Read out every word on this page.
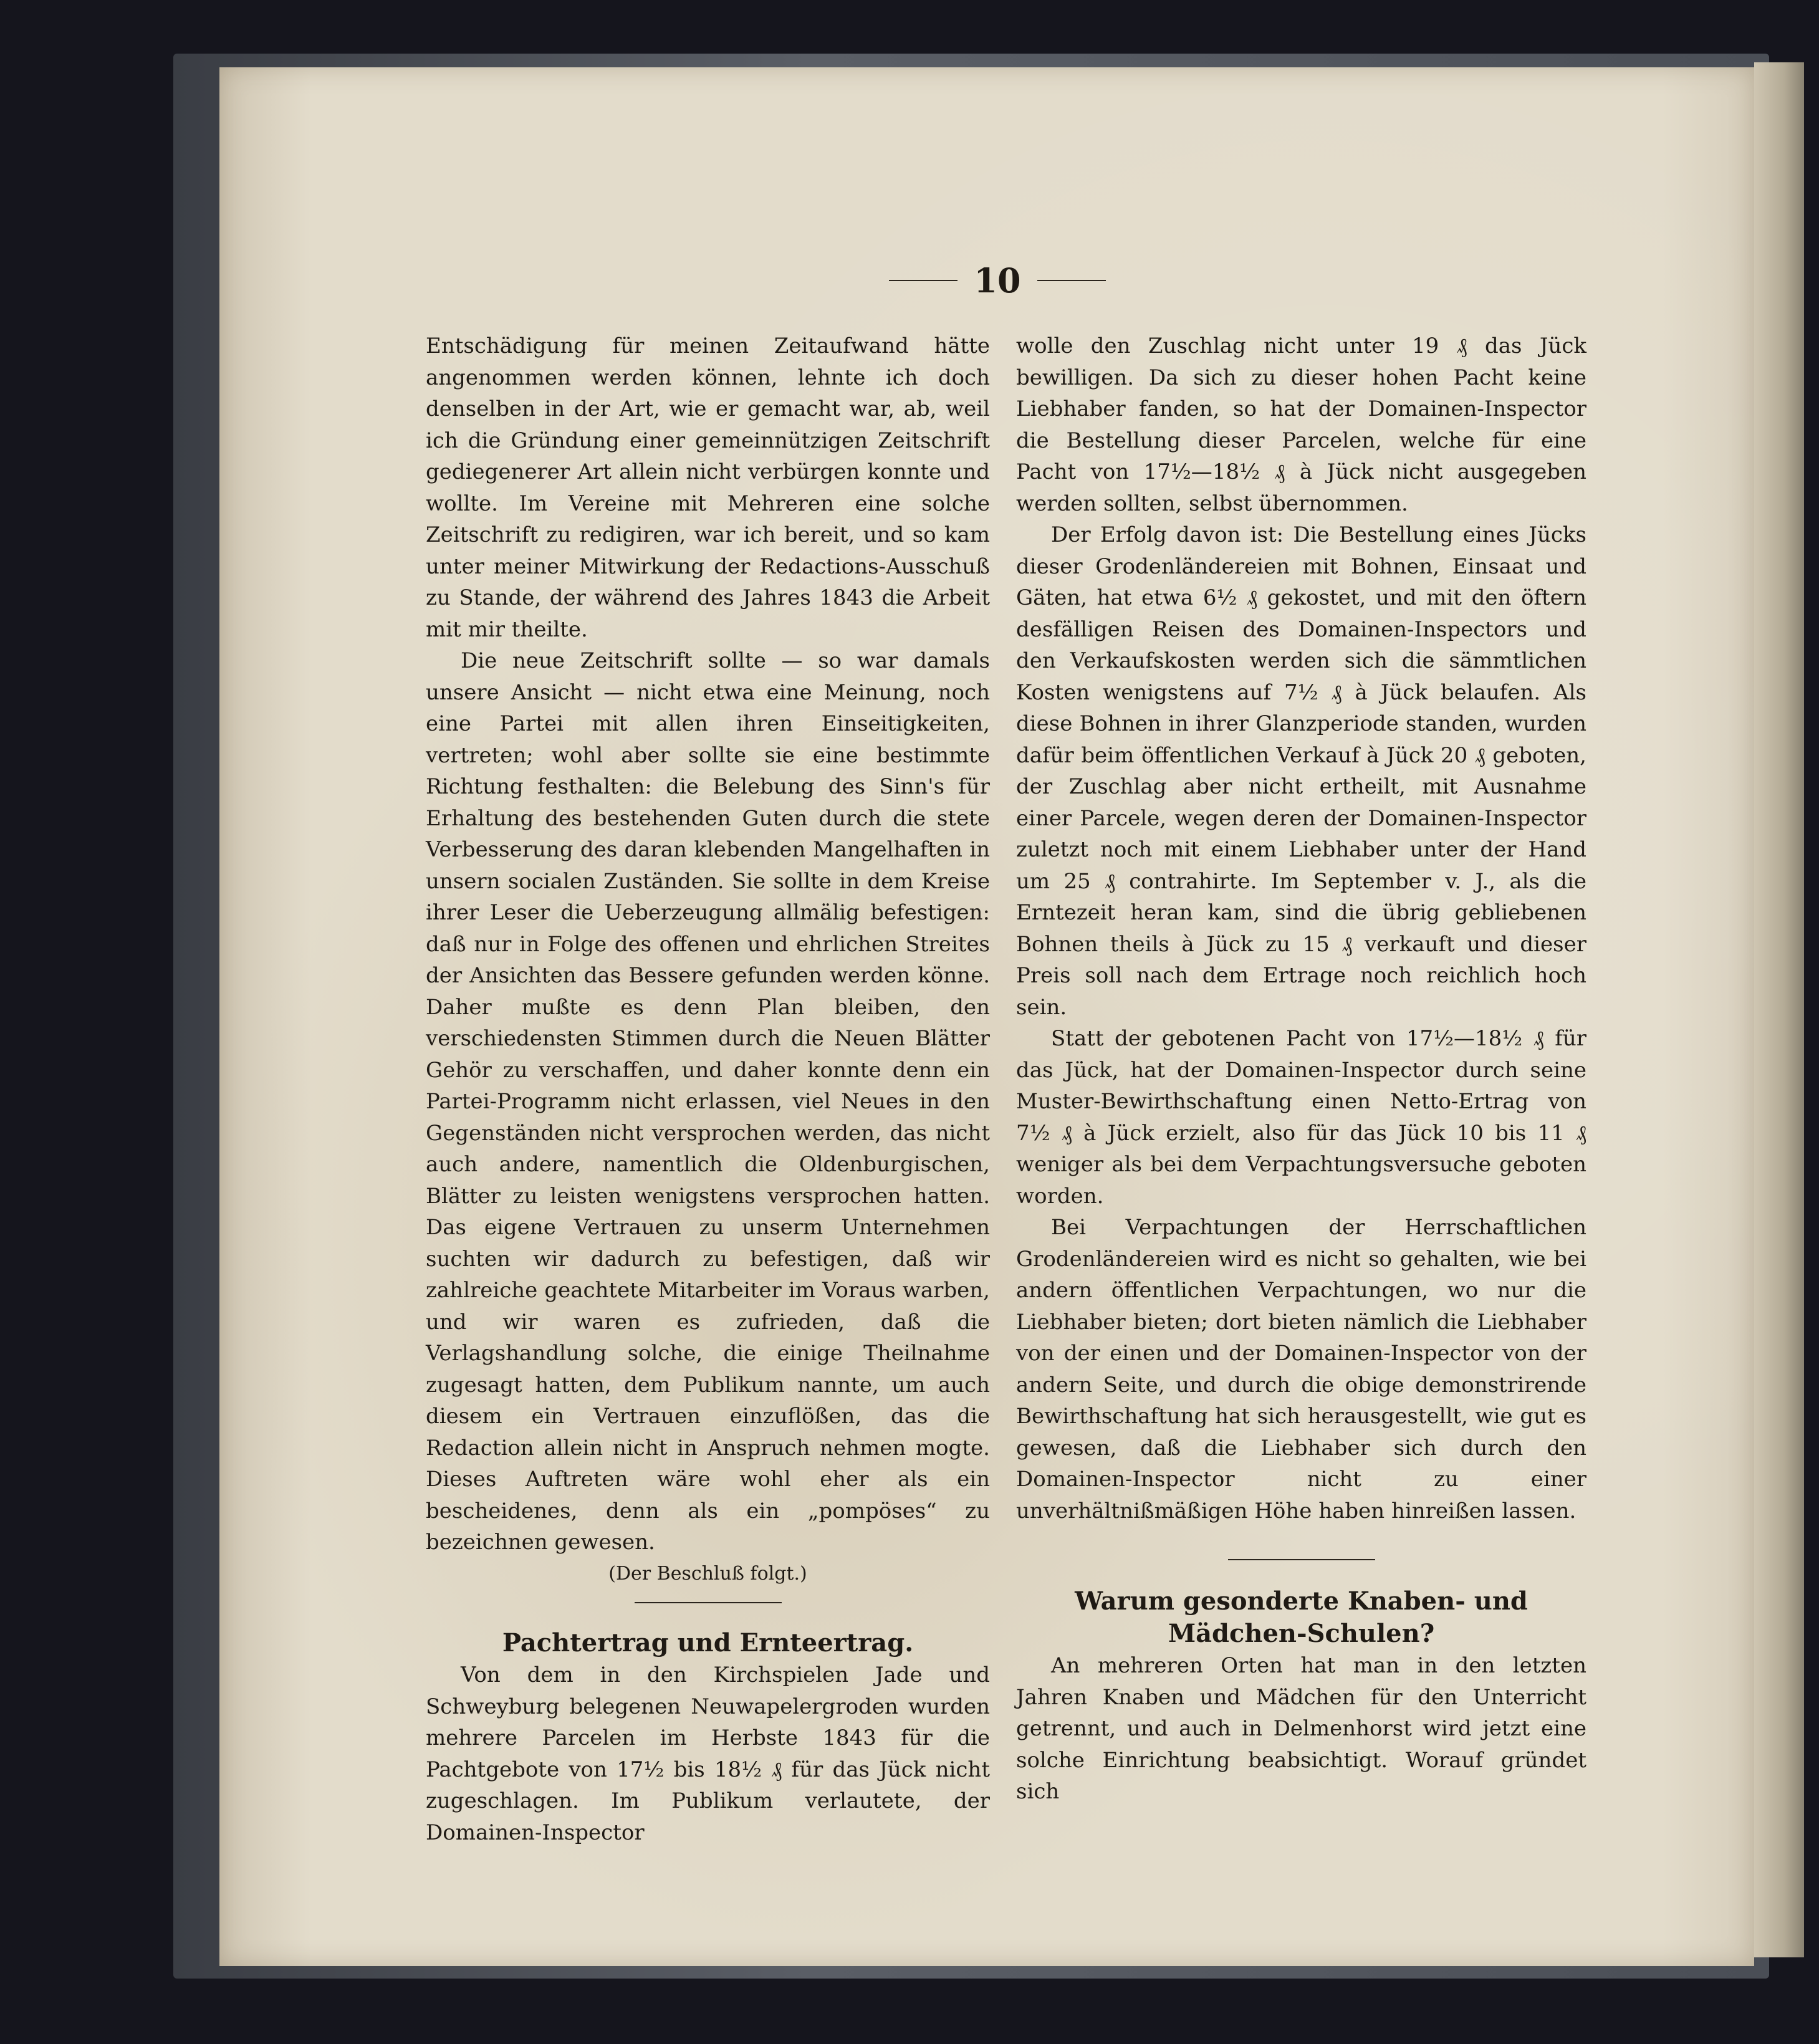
10

Entschädigung für meinen Zeitaufwand hätte angenommen werden können, lehnte ich doch denselben in der Art, wie er gemacht war, ab, weil ich die Gründung einer gemeinnützigen Zeitschrift gediegenerer Art allein nicht verbürgen konnte und wollte. Im Vereine mit Mehreren eine solche Zeitschrift zu redigiren, war ich bereit, und so kam unter meiner Mitwirkung der Redactions-Ausschuß zu Stande, der während des Jahres 1843 die Arbeit mit mir theilte.

Die neue Zeitschrift sollte — so war damals unsere Ansicht — nicht etwa eine Meinung, noch eine Partei mit allen ihren Einseitigkeiten, vertreten; wohl aber sollte sie eine bestimmte Richtung festhalten: die Belebung des Sinn's für Erhaltung des bestehenden Guten durch die stete Verbesserung des daran klebenden Mangelhaften in unsern socialen Zuständen. Sie sollte in dem Kreise ihrer Leser die Ueberzeugung allmälig befestigen: daß nur in Folge des offenen und ehrlichen Streites der Ansichten das Bessere gefunden werden könne. Daher mußte es denn Plan bleiben, den verschiedensten Stimmen durch die Neuen Blätter Gehör zu verschaffen, und daher konnte denn ein Partei-Programm nicht erlassen, viel Neues in den Gegenständen nicht versprochen werden, das nicht auch andere, namentlich die Oldenburgischen, Blätter zu leisten wenigstens versprochen hatten. Das eigene Vertrauen zu unserm Unternehmen suchten wir dadurch zu befestigen, daß wir zahlreiche geachtete Mitarbeiter im Voraus warben, und wir waren es zufrieden, daß die Verlagshandlung solche, die einige Theilnahme zugesagt hatten, dem Publikum nannte, um auch diesem ein Vertrauen einzuflößen, das die Redaction allein nicht in Anspruch nehmen mogte. Dieses Auftreten wäre wohl eher als ein bescheidenes, denn als ein „pompöses“ zu bezeichnen gewesen.

(Der Beschluß folgt.)

Pachtertrag und Ernteertrag.

Von dem in den Kirchspielen Jade und Schweyburg belegenen Neuwapelergroden wurden mehrere Parcelen im Herbste 1843 für die Pachtgebote von 17½ bis 18½ ₰ für das Jück nicht zugeschlagen. Im Publikum verlautete, der Domainen-Inspector

wolle den Zuschlag nicht unter 19 ₰ das Jück bewilligen. Da sich zu dieser hohen Pacht keine Liebhaber fanden, so hat der Domainen-Inspector die Bestellung dieser Parcelen, welche für eine Pacht von 17½—18½ ₰ à Jück nicht ausgegeben werden sollten, selbst übernommen.

Der Erfolg davon ist: Die Bestellung eines Jücks dieser Grodenländereien mit Bohnen, Einsaat und Gäten, hat etwa 6½ ₰ gekostet, und mit den öftern desfälligen Reisen des Domainen-Inspectors und den Verkaufskosten werden sich die sämmtlichen Kosten wenigstens auf 7½ ₰ à Jück belaufen. Als diese Bohnen in ihrer Glanzperiode standen, wurden dafür beim öffentlichen Verkauf à Jück 20 ₰ geboten, der Zuschlag aber nicht ertheilt, mit Ausnahme einer Parcele, wegen deren der Domainen-Inspector zuletzt noch mit einem Liebhaber unter der Hand um 25 ₰ contrahirte. Im September v. J., als die Erntezeit heran kam, sind die übrig gebliebenen Bohnen theils à Jück zu 15 ₰ verkauft und dieser Preis soll nach dem Ertrage noch reichlich hoch sein.

Statt der gebotenen Pacht von 17½—18½ ₰ für das Jück, hat der Domainen-Inspector durch seine Muster-Bewirthschaftung einen Netto-Ertrag von 7½ ₰ à Jück erzielt, also für das Jück 10 bis 11 ₰ weniger als bei dem Verpachtungsversuche geboten worden.

Bei Verpachtungen der Herrschaftlichen Grodenländereien wird es nicht so gehalten, wie bei andern öffentlichen Verpachtungen, wo nur die Liebhaber bieten; dort bieten nämlich die Liebhaber von der einen und der Domainen-Inspector von der andern Seite, und durch die obige demonstrirende Bewirthschaftung hat sich herausgestellt, wie gut es gewesen, daß die Liebhaber sich durch den Domainen-Inspector nicht zu einer unverhältnißmäßigen Höhe haben hinreißen lassen.

Warum gesonderte Knaben- und Mädchen-Schulen?

An mehreren Orten hat man in den letzten Jahren Knaben und Mädchen für den Unterricht getrennt, und auch in Delmenhorst wird jetzt eine solche Einrichtung beabsichtigt. Worauf gründet sich
